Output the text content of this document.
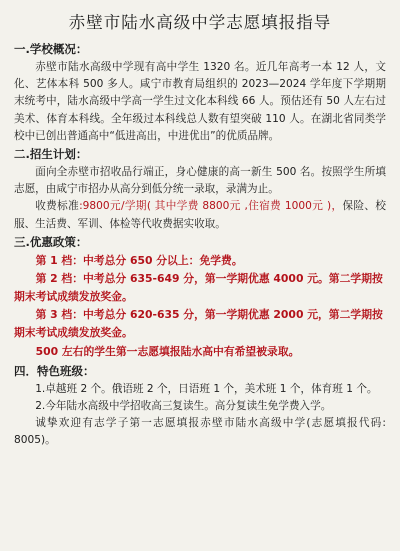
赤壁市陆水高级中学志愿填报指导
一.学校概况：

赤壁市陆水高级中学现有高中学生 1320 名。近几年高考一本 12 人，文化、艺体本科 500 多人。咸宁市教育局组织的 2023—2024 学年度下学期期末统考中，陆水高级中学高一学生过文化本科线 66 人。预估还有 50 人左右过美术、体育本科线。全年级过本科线总人数有望突破 110 人。在湖北省同类学校中已创出普通高中“低进高出，中进优出”的优质品牌。

二.招生计划：

面向全赤壁市招收品行端正，身心健康的高一新生 500 名。按照学生所填志愿，由咸宁市招办从高分到低分统一录取，录满为止。

收费标准:9800元/学期( 其中学费 8800元 ,住宿费 1000元 )，保险、校服、生活费、军训、体检等代收费据实收取。

三.优惠政策：

第 1 档：中考总分 650 分以上：免学费。

第 2 档：中考总分 635-649 分，第一学期优惠 4000 元。第二学期按期末考试成绩发放奖金。

第 3 档：中考总分 620-635 分，第一学期优惠 2000 元，第二学期按期末考试成绩发放奖金。

500 左右的学生第一志愿填报陆水高中有希望被录取。

四．特色班级：

1.卓越班 2 个。俄语班 2 个，日语班 1 个，美术班 1 个，体育班 1 个。

2.今年陆水高级中学招收高三复读生。高分复读生免学费入学。

诚挚欢迎有志学子第一志愿填报赤壁市陆水高级中学(志愿填报代码: 8005)。
